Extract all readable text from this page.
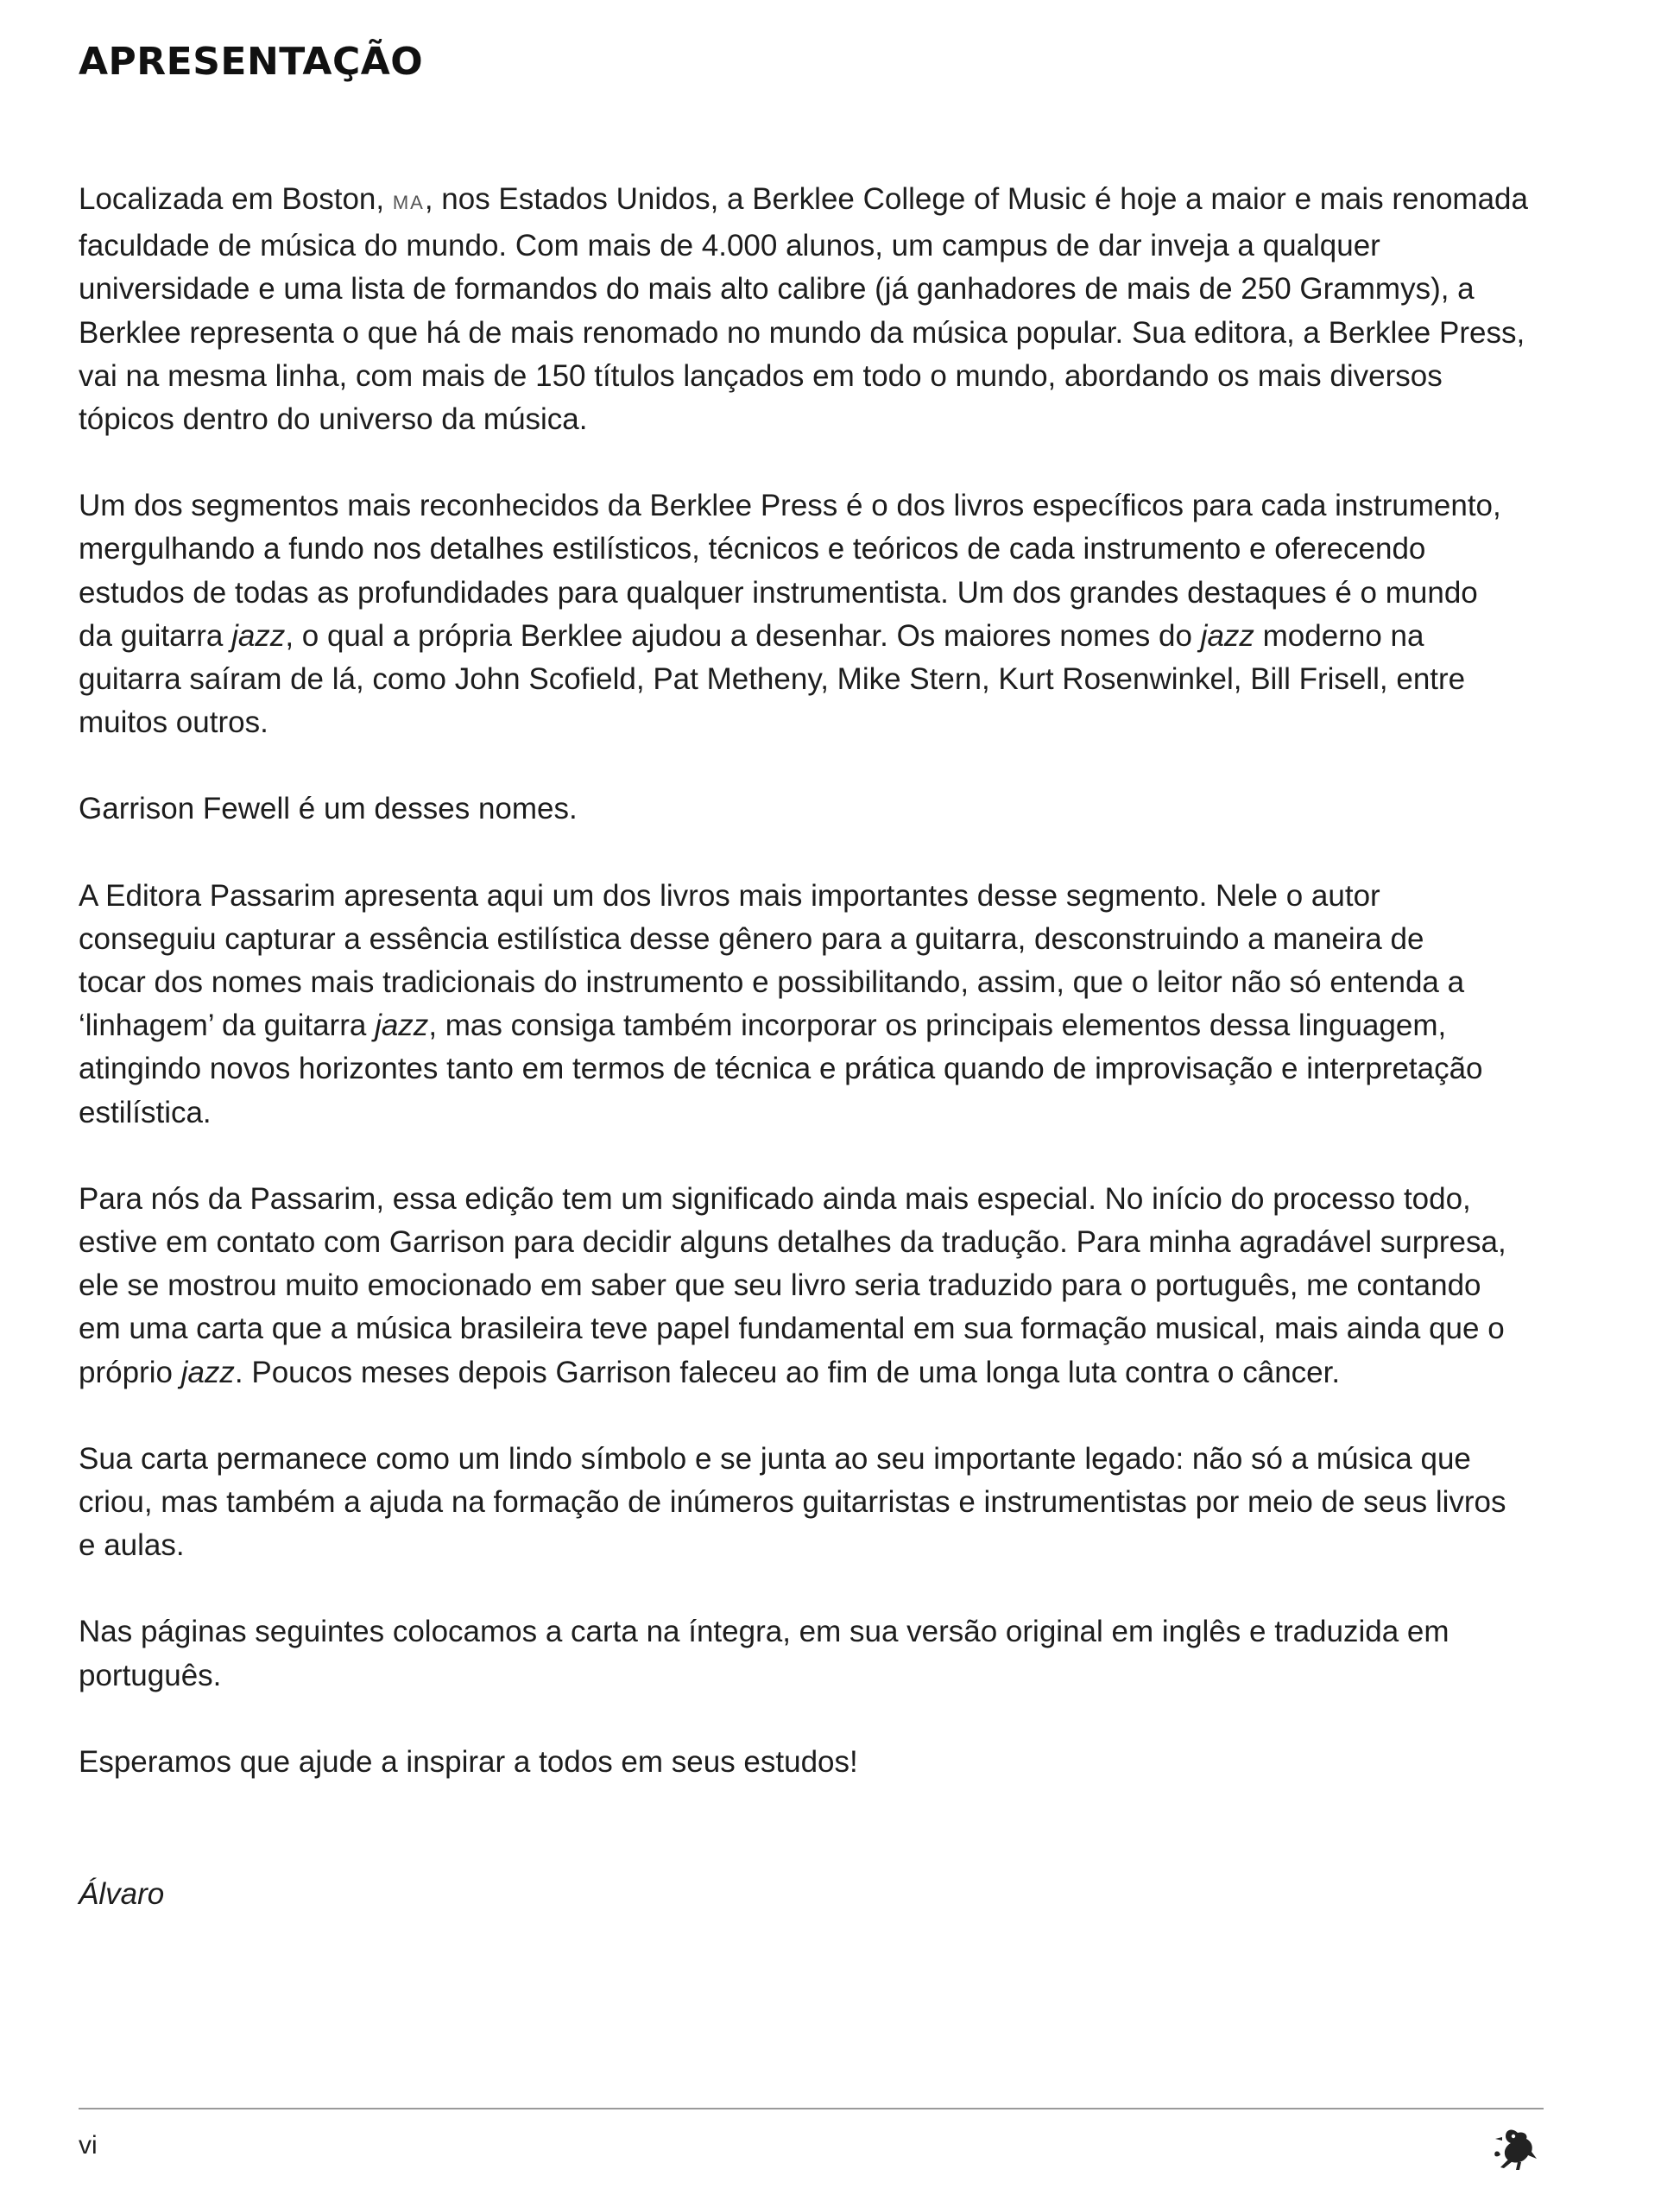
APRESENTAÇÃO

Localizada em Boston, MA, nos Estados Unidos, a Berklee College of Music é hoje a maior e mais renomada
faculdade de música do mundo. Com mais de 4.000 alunos, um campus de dar inveja a qualquer
universidade e uma lista de formandos do mais alto calibre (já ganhadores de mais de 250 Grammys), a
Berklee representa o que há de mais renomado no mundo da música popular. Sua editora, a Berklee Press,
vai na mesma linha, com mais de 150 títulos lançados em todo o mundo, abordando os mais diversos
tópicos dentro do universo da música.

Um dos segmentos mais reconhecidos da Berklee Press é o dos livros específicos para cada instrumento,
mergulhando a fundo nos detalhes estilísticos, técnicos e teóricos de cada instrumento e oferecendo
estudos de todas as profundidades para qualquer instrumentista. Um dos grandes destaques é o mundo
da guitarra jazz, o qual a própria Berklee ajudou a desenhar. Os maiores nomes do jazz moderno na
guitarra saíram de lá, como John Scofield, Pat Metheny, Mike Stern, Kurt Rosenwinkel, Bill Frisell, entre
muitos outros.

Garrison Fewell é um desses nomes.

A Editora Passarim apresenta aqui um dos livros mais importantes desse segmento. Nele o autor
conseguiu capturar a essência estilística desse gênero para a guitarra, desconstruindo a maneira de
tocar dos nomes mais tradicionais do instrumento e possibilitando, assim, que o leitor não só entenda a
‘linhagem’ da guitarra jazz, mas consiga também incorporar os principais elementos dessa linguagem,
atingindo novos horizontes tanto em termos de técnica e prática quando de improvisação e interpretação
estilística.

Para nós da Passarim, essa edição tem um significado ainda mais especial. No início do processo todo,
estive em contato com Garrison para decidir alguns detalhes da tradução. Para minha agradável surpresa,
ele se mostrou muito emocionado em saber que seu livro seria traduzido para o português, me contando
em uma carta que a música brasileira teve papel fundamental em sua formação musical, mais ainda que o
próprio jazz. Poucos meses depois Garrison faleceu ao fim de uma longa luta contra o câncer.

Sua carta permanece como um lindo símbolo e se junta ao seu importante legado: não só a música que
criou, mas também a ajuda na formação de inúmeros guitarristas e instrumentistas por meio de seus livros
e aulas.

Nas páginas seguintes colocamos a carta na íntegra, em sua versão original em inglês e traduzida em
português.

Esperamos que ajude a inspirar a todos em seus estudos!

Álvaro

vi
